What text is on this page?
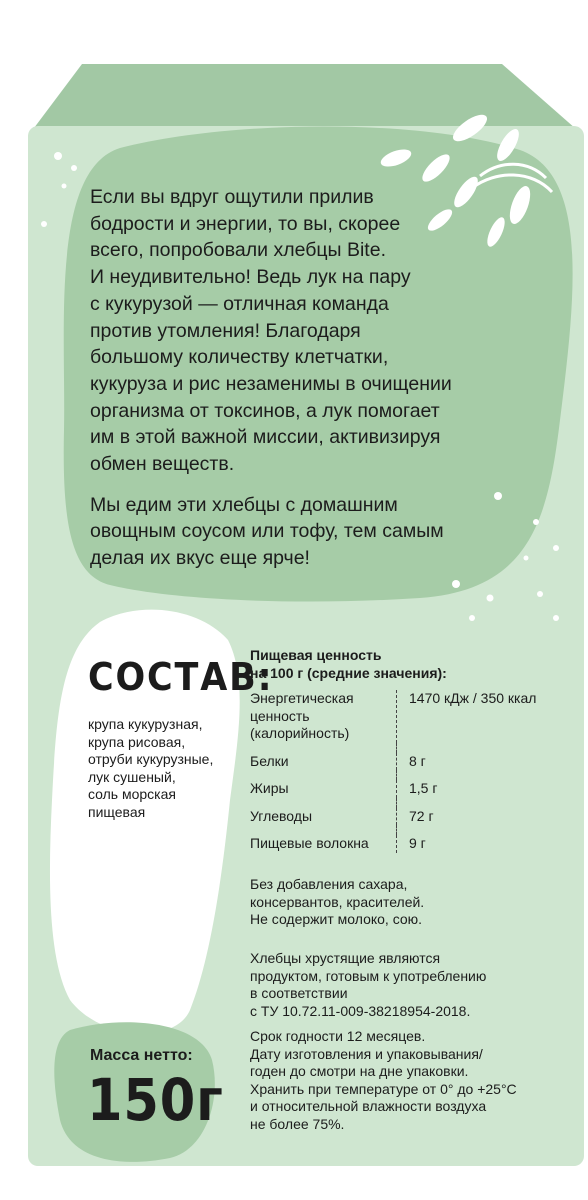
Если вы вдруг ощутили прилив
бодрости и энергии, то вы, скорее
всего, попробовали хлебцы Bite.
И неудивительно! Ведь лук на пару
с кукурузой — отличная команда
против утомления! Благодаря
большому количеству клетчатки,
кукуруза и рис незаменимы в очищении
организма от токсинов, а лук помогает
им в этой важной миссии, активизируя
обмен веществ.

Мы едим эти хлебцы с домашним
овощным соусом или тофу, тем самым
делая их вкус еще ярче!

СОСТАВ:
крупа кукурузная,
крупа рисовая,
отруби кукурузные,
лук сушеный,
соль морская
пищевая
Пищевая ценность
на 100 г (средние значения):
Энергетическая ценность (калорийность)	1470 кДж / 350 ккал

Белки	8 г

Жиры	1,5 г

Углеводы	72 г

Пищевые волокна	9 г
Без добавления сахара,
консервантов, красителей.
Не содержит молоко, сою.
Хлебцы хрустящие являются
продуктом, готовым к употреблению
в соответствии
с ТУ 10.72.11-009-38218954-2018.
Срок годности 12 месяцев.
Дату изготовления и упаковывания/
годен до смотри на дне упаковки.
Хранить при температуре от 0° до +25°С
и относительной влажности воздуха
не более 75%.
Масса нетто:
150г
